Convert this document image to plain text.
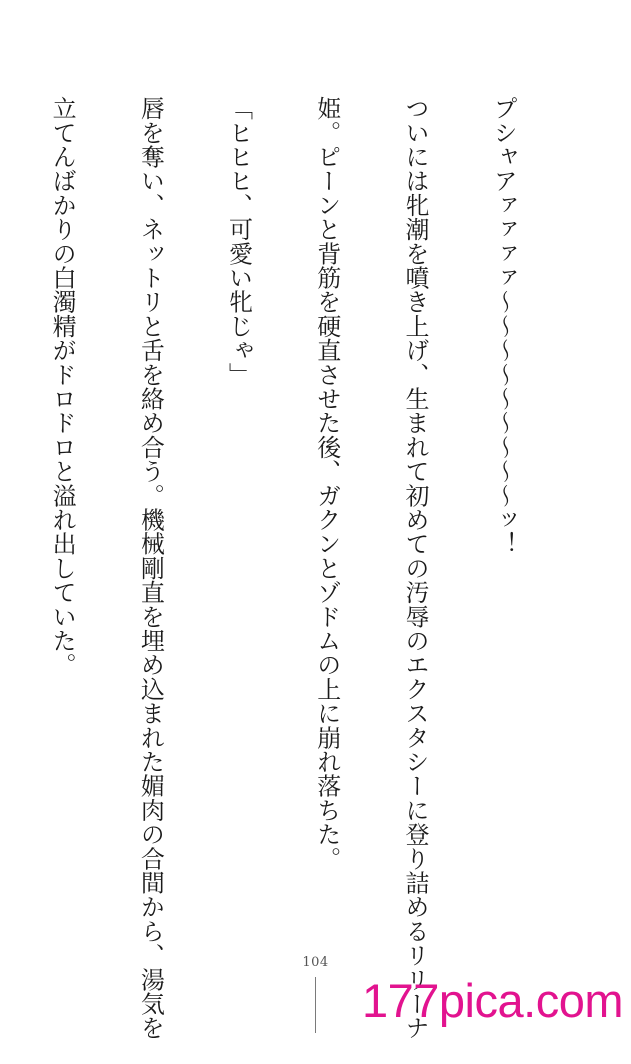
プシャアァァァァ〜〜〜〜〜〜〜〜〜ッ！

ついには牝潮を噴き上げ、生まれて初めての汚辱のエクスタシーに登り詰めるリリーナ

姫。ピーンと背筋を硬直させた後、ガクンとゾドムの上に崩れ落ちた。

「ヒヒヒ、可愛い牝じゃ」

唇を奪い、ネットリと舌を絡め合う。機械剛直を埋め込まれた媚肉の合間から、湯気を

立てんばかりの白濁精がドロドロと溢れ出していた。

104
177pica.com
